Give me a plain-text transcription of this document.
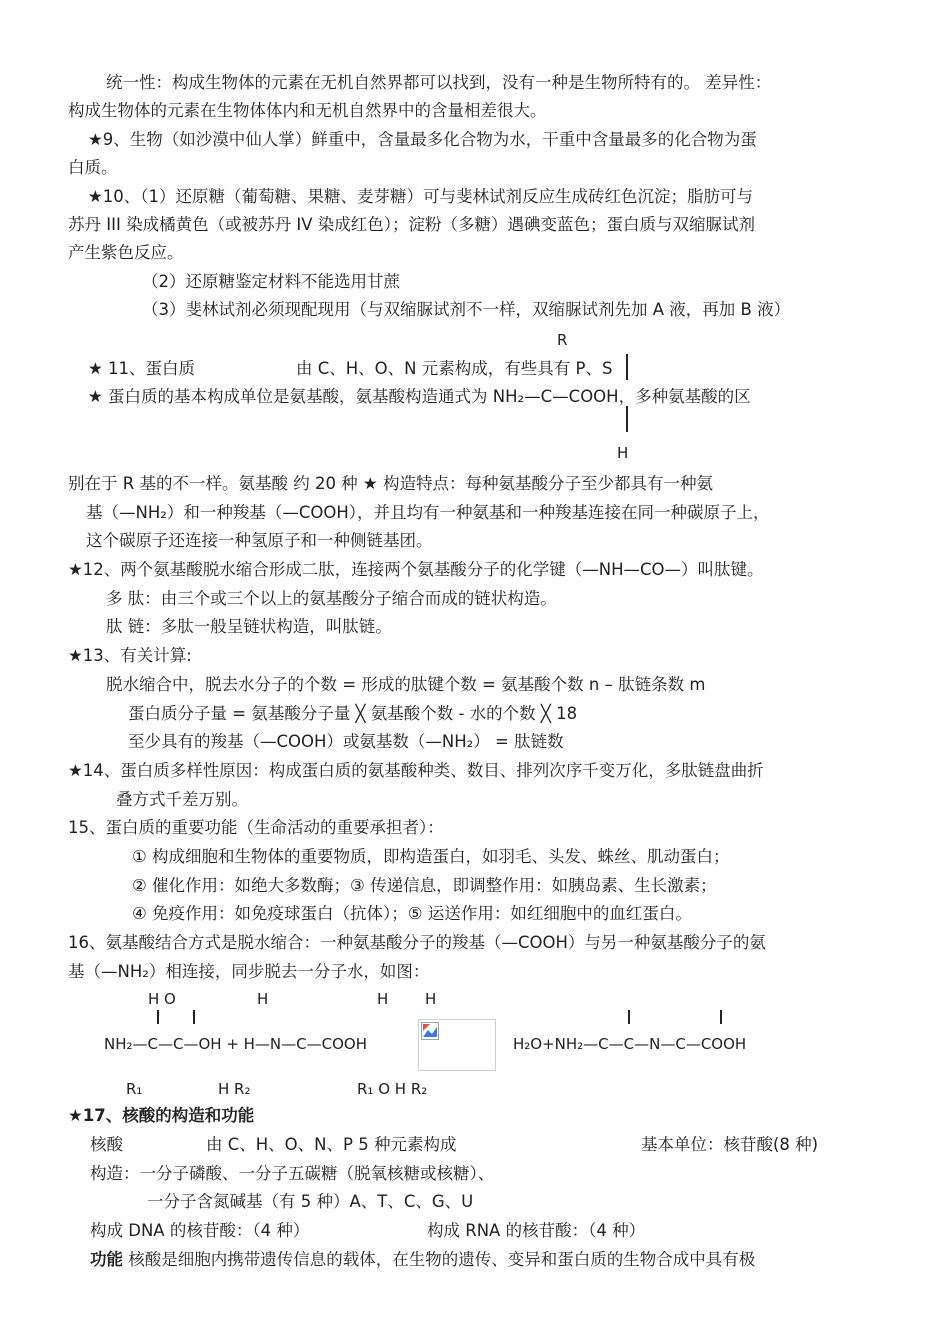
统一性：构成生物体的元素在无机自然界都可以找到，没有一种是生物所特有的。 差异性：
构成生物体的元素在生物体体内和无机自然界中的含量相差很大。
★9、生物（如沙漠中仙人掌）鲜重中，含量最多化合物为水，干重中含量最多的化合物为蛋
白质。
★10、（1）还原糖（葡萄糖、果糖、麦芽糖）可与斐林试剂反应生成砖红色沉淀；脂肪可与
苏丹 III 染成橘黄色（或被苏丹 IV 染成红色）；淀粉（多糖）遇碘变蓝色；蛋白质与双缩脲试剂
产生紫色反应。
（2）还原糖鉴定材料不能选用甘蔗
（3）斐林试剂必须现配现用（与双缩脲试剂不一样，双缩脲试剂先加 A 液，再加 B 液）
R
★ 11、蛋白质	由 C、H、O、N 元素构成，有些具有 P、S
★ 蛋白质的基本构成单位是氨基酸，氨基酸构造通式为 NH₂—C—COOH，多种氨基酸的区
H
别在于 R 基的不一样。氨基酸 约 20 种 ★ 构造特点：每种氨基酸分子至少都具有一种氨
基（—NH₂）和一种羧基（—COOH），并且均有一种氨基和一种羧基连接在同一种碳原子上，
这个碳原子还连接一种氢原子和一种侧链基团。
★12、两个氨基酸脱水缩合形成二肽，连接两个氨基酸分子的化学键（—NH—CO—）叫肽键。
多 肽：由三个或三个以上的氨基酸分子缩合而成的链状构造。
肽 链：多肽一般呈链状构造，叫肽链。
★13、有关计算:
脱水缩合中，脱去水分子的个数 = 形成的肽键个数 = 氨基酸个数 n – 肽链条数 m
蛋白质分子量 = 氨基酸分子量 ╳ 氨基酸个数 - 水的个数 ╳ 18
至少具有的羧基（—COOH）或氨基数（—NH₂） = 肽链数
★14、蛋白质多样性原因：构成蛋白质的氨基酸种类、数目、排列次序千变万化，多肽链盘曲折
叠方式千差万别。
15、蛋白质的重要功能（生命活动的重要承担者）：
① 构成细胞和生物体的重要物质，即构造蛋白，如羽毛、头发、蛛丝、肌动蛋白；
② 催化作用：如绝大多数酶；③ 传递信息，即调整作用：如胰岛素、生长激素；
④ 免疫作用：如免疫球蛋白（抗体）；⑤ 运送作用：如红细胞中的血红蛋白。
16、氨基酸结合方式是脱水缩合：一种氨基酸分子的羧基（—COOH）与另一种氨基酸分子的氨
基（—NH₂）相连接，同步脱去一分子水，如图：
H O	H	H H
NH₂—C—C—OH + H—N—C—COOH	H₂O+NH₂—C—C—N—C—COOH
R₁	H R₂	R₁ O H R₂
★17、核酸的构造和功能
核酸	由 C、H、O、N、P 5 种元素构成	基本单位：核苷酸(8 种)
构造：一分子磷酸、一分子五碳糖（脱氧核糖或核糖）、
一分子含氮碱基（有 5 种）A、T、C、G、U
构成 DNA 的核苷酸：（4 种）	构成 RNA 的核苷酸：（4 种）
功能 核酸是细胞内携带遗传信息的载体，在生物的遗传、变异和蛋白质的生物合成中具有极
